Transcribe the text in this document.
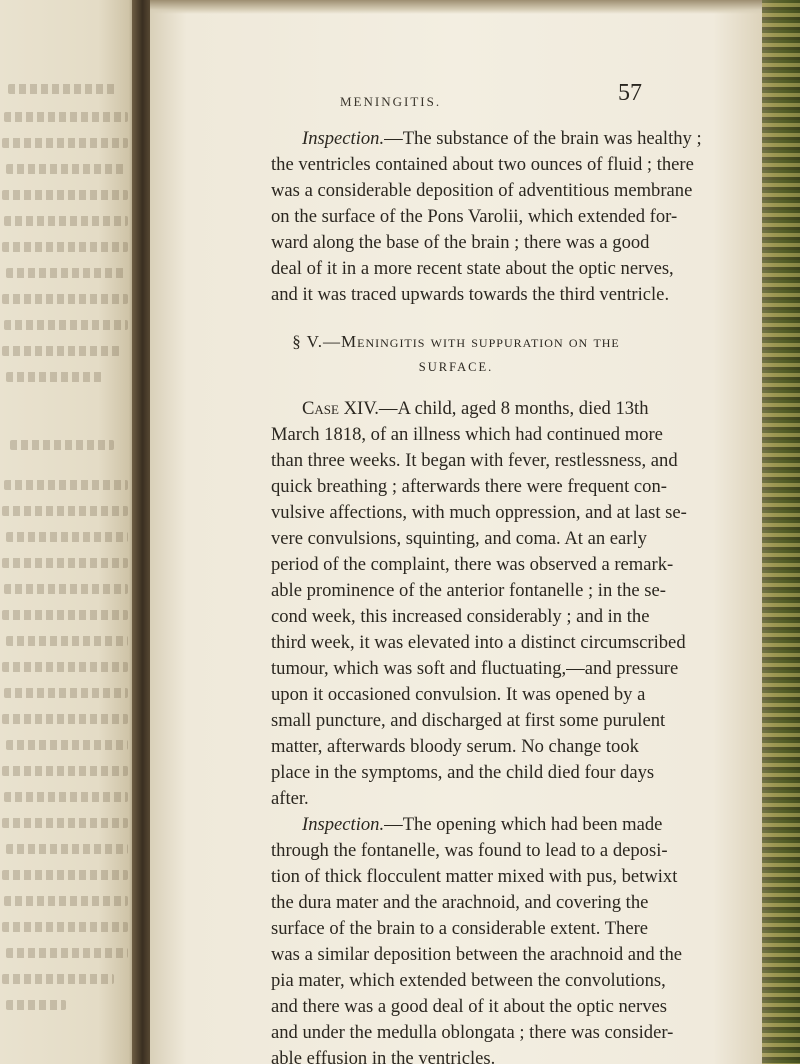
MENINGITIS.	57
Inspection.—The substance of the brain was healthy ;
the ventricles contained about two ounces of fluid ; there
was a considerable deposition of adventitious membrane
on the surface of the Pons Varolii, which extended for-
ward along the base of the brain ; there was a good
deal of it in a more recent state about the optic nerves,
and it was traced upwards towards the third ventricle.
§ V.—Meningitis with suppuration on the
SURFACE.
Case XIV.—A child, aged 8 months, died 13th
March 1818, of an illness which had continued more
than three weeks. It began with fever, restlessness, and
quick breathing ; afterwards there were frequent con-
vulsive affections, with much oppression, and at last se-
vere convulsions, squinting, and coma. At an early
period of the complaint, there was observed a remark-
able prominence of the anterior fontanelle ; in the se-
cond week, this increased considerably ; and in the
third week, it was elevated into a distinct circumscribed
tumour, which was soft and fluctuating,—and pressure
upon it occasioned convulsion. It was opened by a
small puncture, and discharged at first some purulent
matter, afterwards bloody serum. No change took
place in the symptoms, and the child died four days
after.
Inspection.—The opening which had been made
through the fontanelle, was found to lead to a deposi-
tion of thick flocculent matter mixed with pus, betwixt
the dura mater and the arachnoid, and covering the
surface of the brain to a considerable extent. There
was a similar deposition between the arachnoid and the
pia mater, which extended between the convolutions,
and there was a good deal of it about the optic nerves
and under the medulla oblongata ; there was consider-
able effusion in the ventricles.
